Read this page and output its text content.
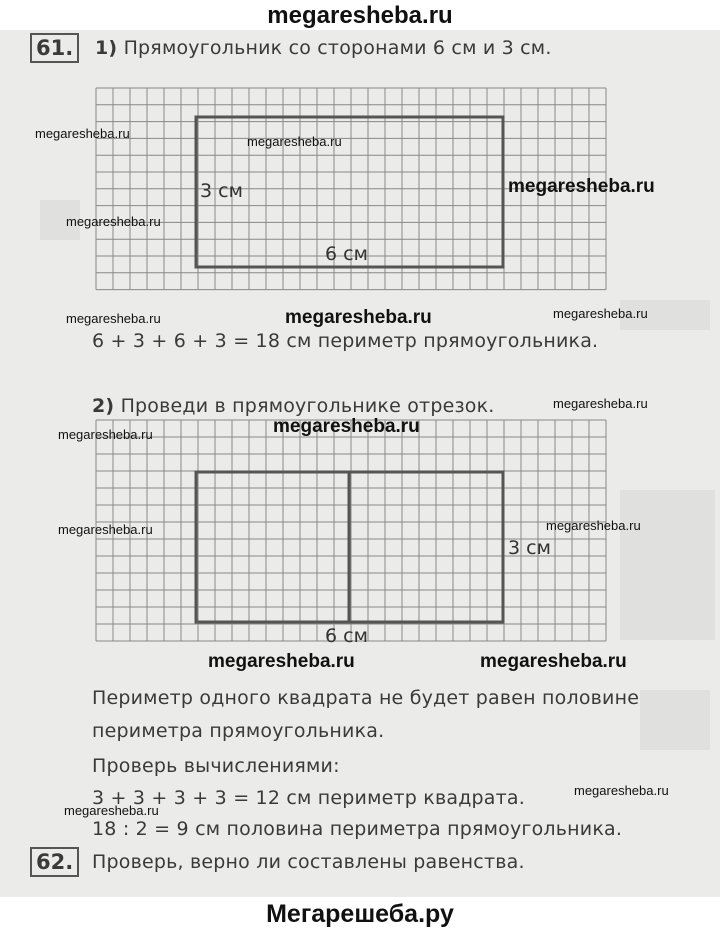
megaresheba.ru
61.	1) Прямоугольник со сторонами 6 см и 3 см.
3 см
6 см
6 + 3 + 6 + 3 = 18 см периметр прямоугольника.
2) Проведи в прямоугольнике отрезок.
3 см
6 см
Периметр одного квадрата не будет равен половине
периметра прямоугольника.
Проверь вычислениями:
3 + 3 + 3 + 3 = 12 см периметр квадрата.
18 : 2 = 9 см половина периметра прямоугольника.
62. Проверь, верно ли составлены равенства.
megaresheba.ru
megaresheba.ru
megaresheba.ru
megaresheba.ru
megaresheba.ru	megaresheba.ru	megaresheba.ru
megaresheba.ru
megaresheba.ru	megaresheba.ru
megaresheba.ru	megaresheba.ru
megaresheba.ru	megaresheba.ru
megaresheba.ru
megaresheba.ru
Мегарешеба.ру
